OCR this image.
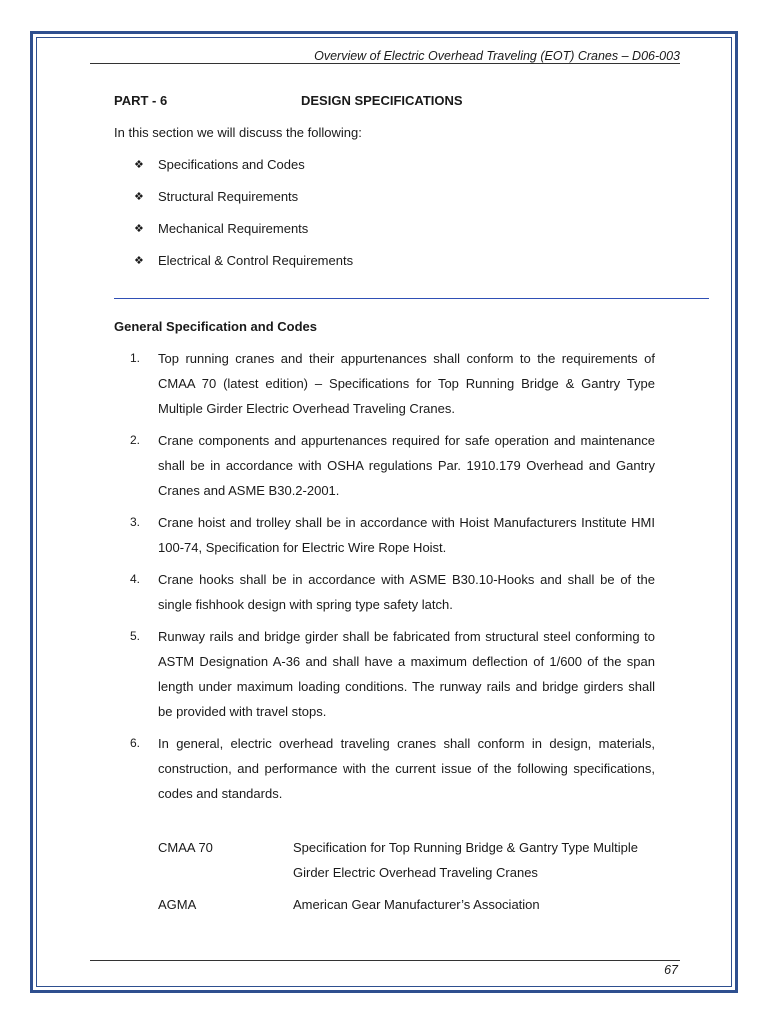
Overview of Electric Overhead Traveling (EOT) Cranes – D06-003
PART - 6	DESIGN SPECIFICATIONS
In this section we will discuss the following:
❖	Specifications and Codes
❖	Structural Requirements
❖	Mechanical Requirements
❖	Electrical & Control Requirements
General Specification and Codes
1.	Top running cranes and their appurtenances shall conform to the requirements of CMAA 70 (latest edition) – Specifications for Top Running Bridge & Gantry Type Multiple Girder Electric Overhead Traveling Cranes.
2.	Crane components and appurtenances required for safe operation and maintenance shall be in accordance with OSHA regulations Par. 1910.179 Overhead and Gantry Cranes and ASME B30.2-2001.
3.	Crane hoist and trolley shall be in accordance with Hoist Manufacturers Institute HMI 100-74, Specification for Electric Wire Rope Hoist.
4.	Crane hooks shall be in accordance with ASME B30.10-Hooks and shall be of the single fishhook design with spring type safety latch.
5.	Runway rails and bridge girder shall be fabricated from structural steel conforming to ASTM Designation A-36 and shall have a maximum deflection of 1/600 of the span length under maximum loading conditions. The runway rails and bridge girders shall be provided with travel stops.
6.	In general, electric overhead traveling cranes shall conform in design, materials, construction, and performance with the current issue of the following specifications, codes and standards.
CMAA 70	Specification for Top Running Bridge & Gantry Type Multiple Girder Electric Overhead Traveling Cranes
AGMA	American Gear Manufacturer’s Association
67
